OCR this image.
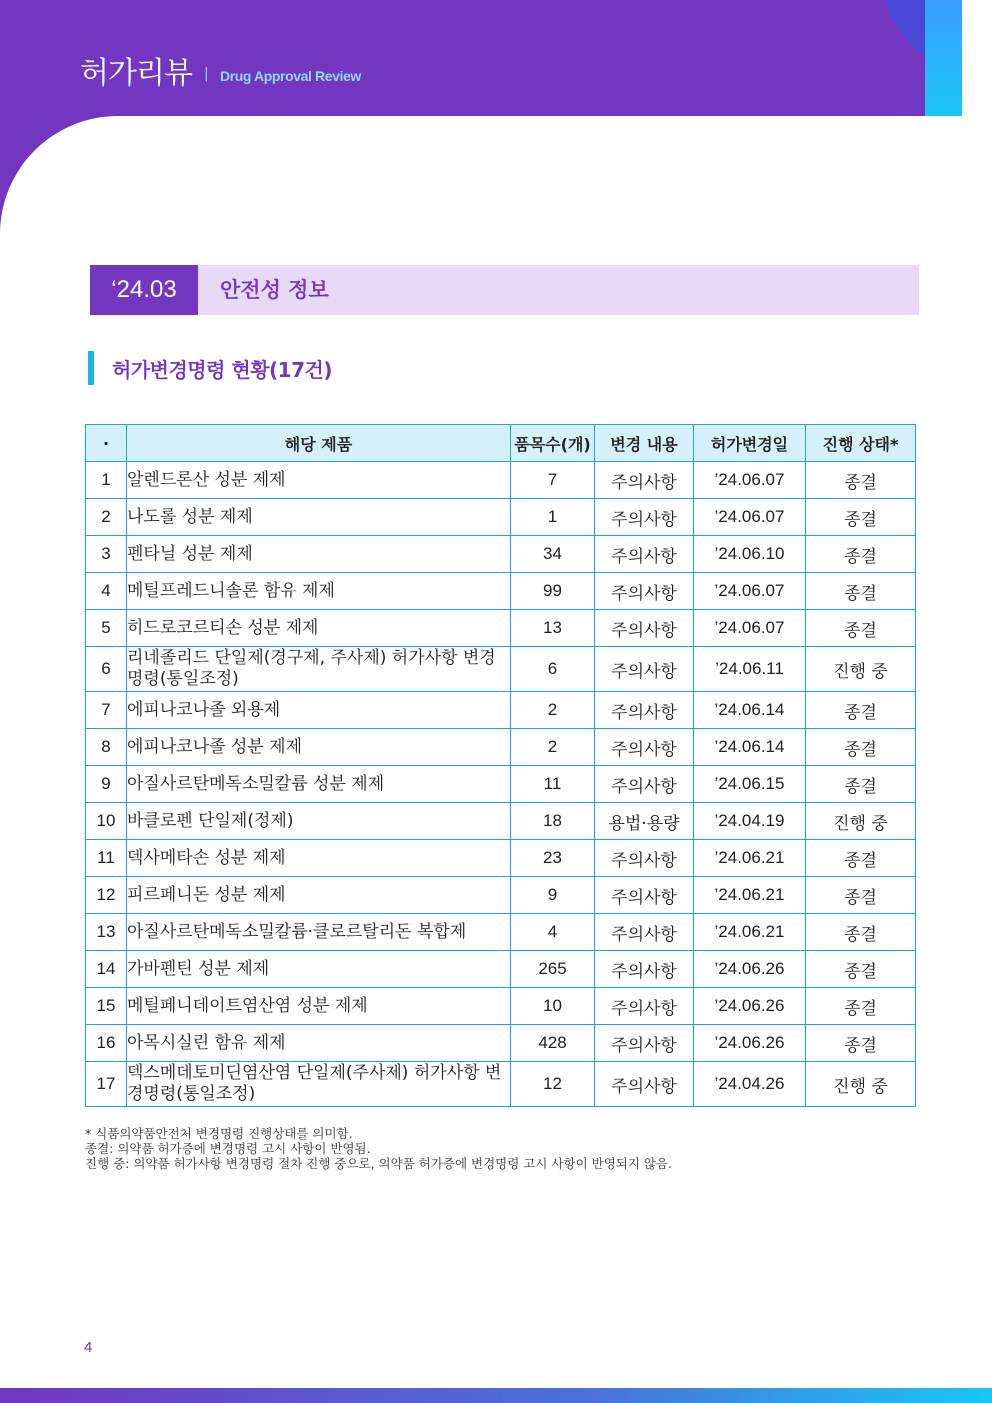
허가리뷰 | Drug Approval Review
‘24.03	안전성 정보
허가변경명령 현황(17건)
·	해당 제품	품목수(개)	변경 내용	허가변경일	진행 상태*
1	알렌드론산 성분 제제	7	주의사항	’24.06.07	종결
2	나도롤 성분 제제	1	주의사항	’24.06.07	종결
3	펜타닐 성분 제제	34	주의사항	’24.06.10	종결
4	메틸프레드니솔론 함유 제제	99	주의사항	’24.06.07	종결
5	히드로코르티손 성분 제제	13	주의사항	’24.06.07	종결
6	리네졸리드 단일제(경구제, 주사제) 허가사항 변경명령(통일조정)	6	주의사항	’24.06.11	진행 중
7	에피나코나졸 외용제	2	주의사항	’24.06.14	종결
8	에피나코나졸 성분 제제	2	주의사항	’24.06.14	종결
9	아질사르탄메독소밀칼륨 성분 제제	11	주의사항	’24.06.15	종결
10	바클로펜 단일제(정제)	18	용법·용량	’24.04.19	진행 중
11	덱사메타손 성분 제제	23	주의사항	’24.06.21	종결
12	피르페니돈 성분 제제	9	주의사항	’24.06.21	종결
13	아질사르탄메독소밀칼륨·클로르탈리돈 복합제	4	주의사항	’24.06.21	종결
14	가바펜틴 성분 제제	265	주의사항	’24.06.26	종결
15	메틸페니데이트염산염 성분 제제	10	주의사항	’24.06.26	종결
16	아목시실린 함유 제제	428	주의사항	’24.06.26	종결
17	덱스메데토미딘염산염 단일제(주사제) 허가사항 변경명령(통일조정)	12	주의사항	’24.04.26	진행 중
* 식품의약품안전처 변경명령 진행상태를 의미함.
종결: 의약품 허가증에 변경명령 고시 사항이 반영됨.
진행 중: 의약품 허가사항 변경명령 절차 진행 중으로, 의약품 허가증에 변경명령 고시 사항이 반영되지 않음.
4
